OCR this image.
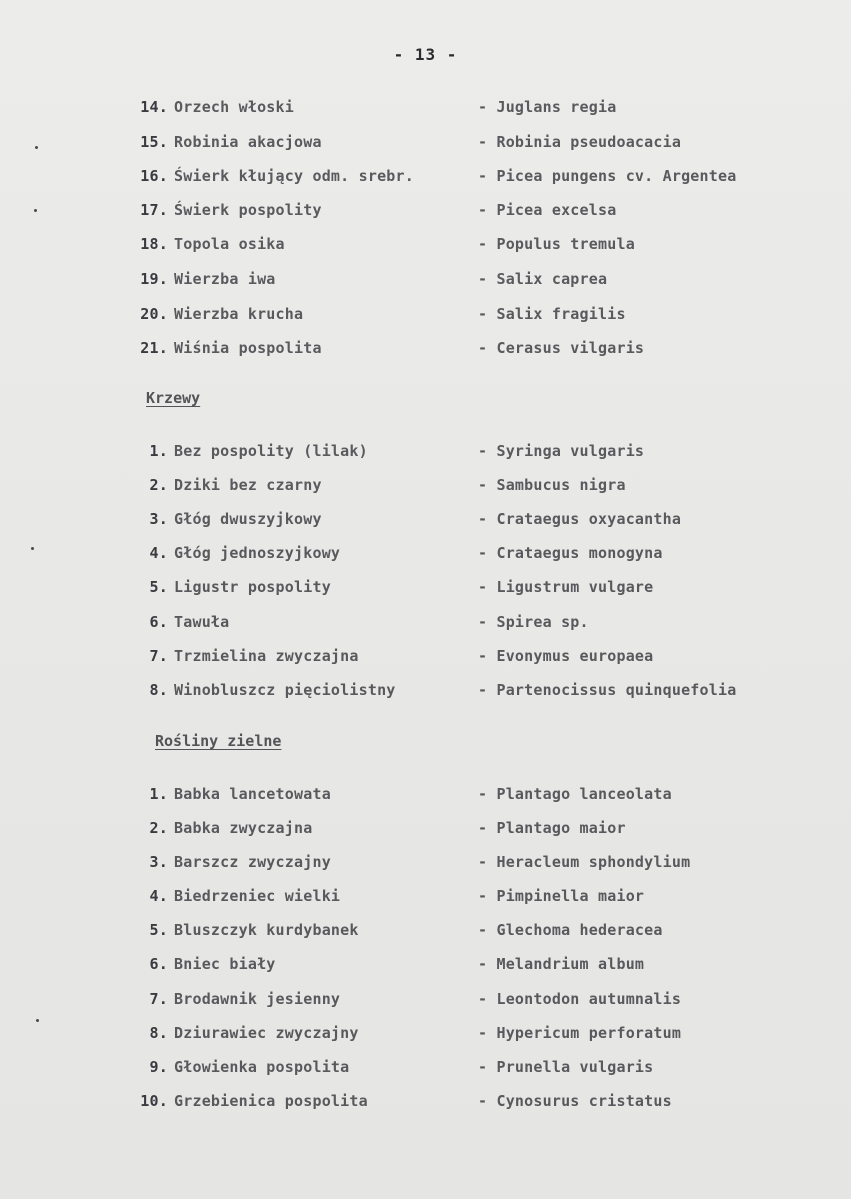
- 13 -
14. Orzech włoski	- Juglans regia
15. Robinia akacjowa	- Robinia pseudoacacia
16. Świerk kłujący odm. srebr.	- Picea pungens cv. Argentea
17. Świerk pospolity	- Picea excelsa
18. Topola osika	- Populus tremula
19. Wierzba iwa	- Salix caprea
20. Wierzba krucha	- Salix fragilis
21. Wiśnia pospolita	- Cerasus vilgaris
Krzewy
1. Bez pospolity (lilak)	- Syringa vulgaris
2. Dziki bez czarny	- Sambucus nigra
3. Głóg dwuszyjkowy	- Crataegus oxyacantha
4. Głóg jednoszyjkowy	- Crataegus monogyna
5. Ligustr pospolity	- Ligustrum vulgare
6. Tawuła	- Spirea sp.
7. Trzmielina zwyczajna	- Evonymus europaea
8. Winobluszcz pięciolistny	- Partenocissus quinquefolia
Rośliny zielne
1. Babka lancetowata	- Plantago lanceolata
2. Babka zwyczajna	- Plantago maior
3. Barszcz zwyczajny	- Heracleum sphondylium
4. Biedrzeniec wielki	- Pimpinella maior
5. Bluszczyk kurdybanek	- Glechoma hederacea
6. Bniec biały	- Melandrium album
7. Brodawnik jesienny	- Leontodon autumnalis
8. Dziurawiec zwyczajny	- Hypericum perforatum
9. Głowienka pospolita	- Prunella vulgaris
10. Grzebienica pospolita	- Cynosurus cristatus
